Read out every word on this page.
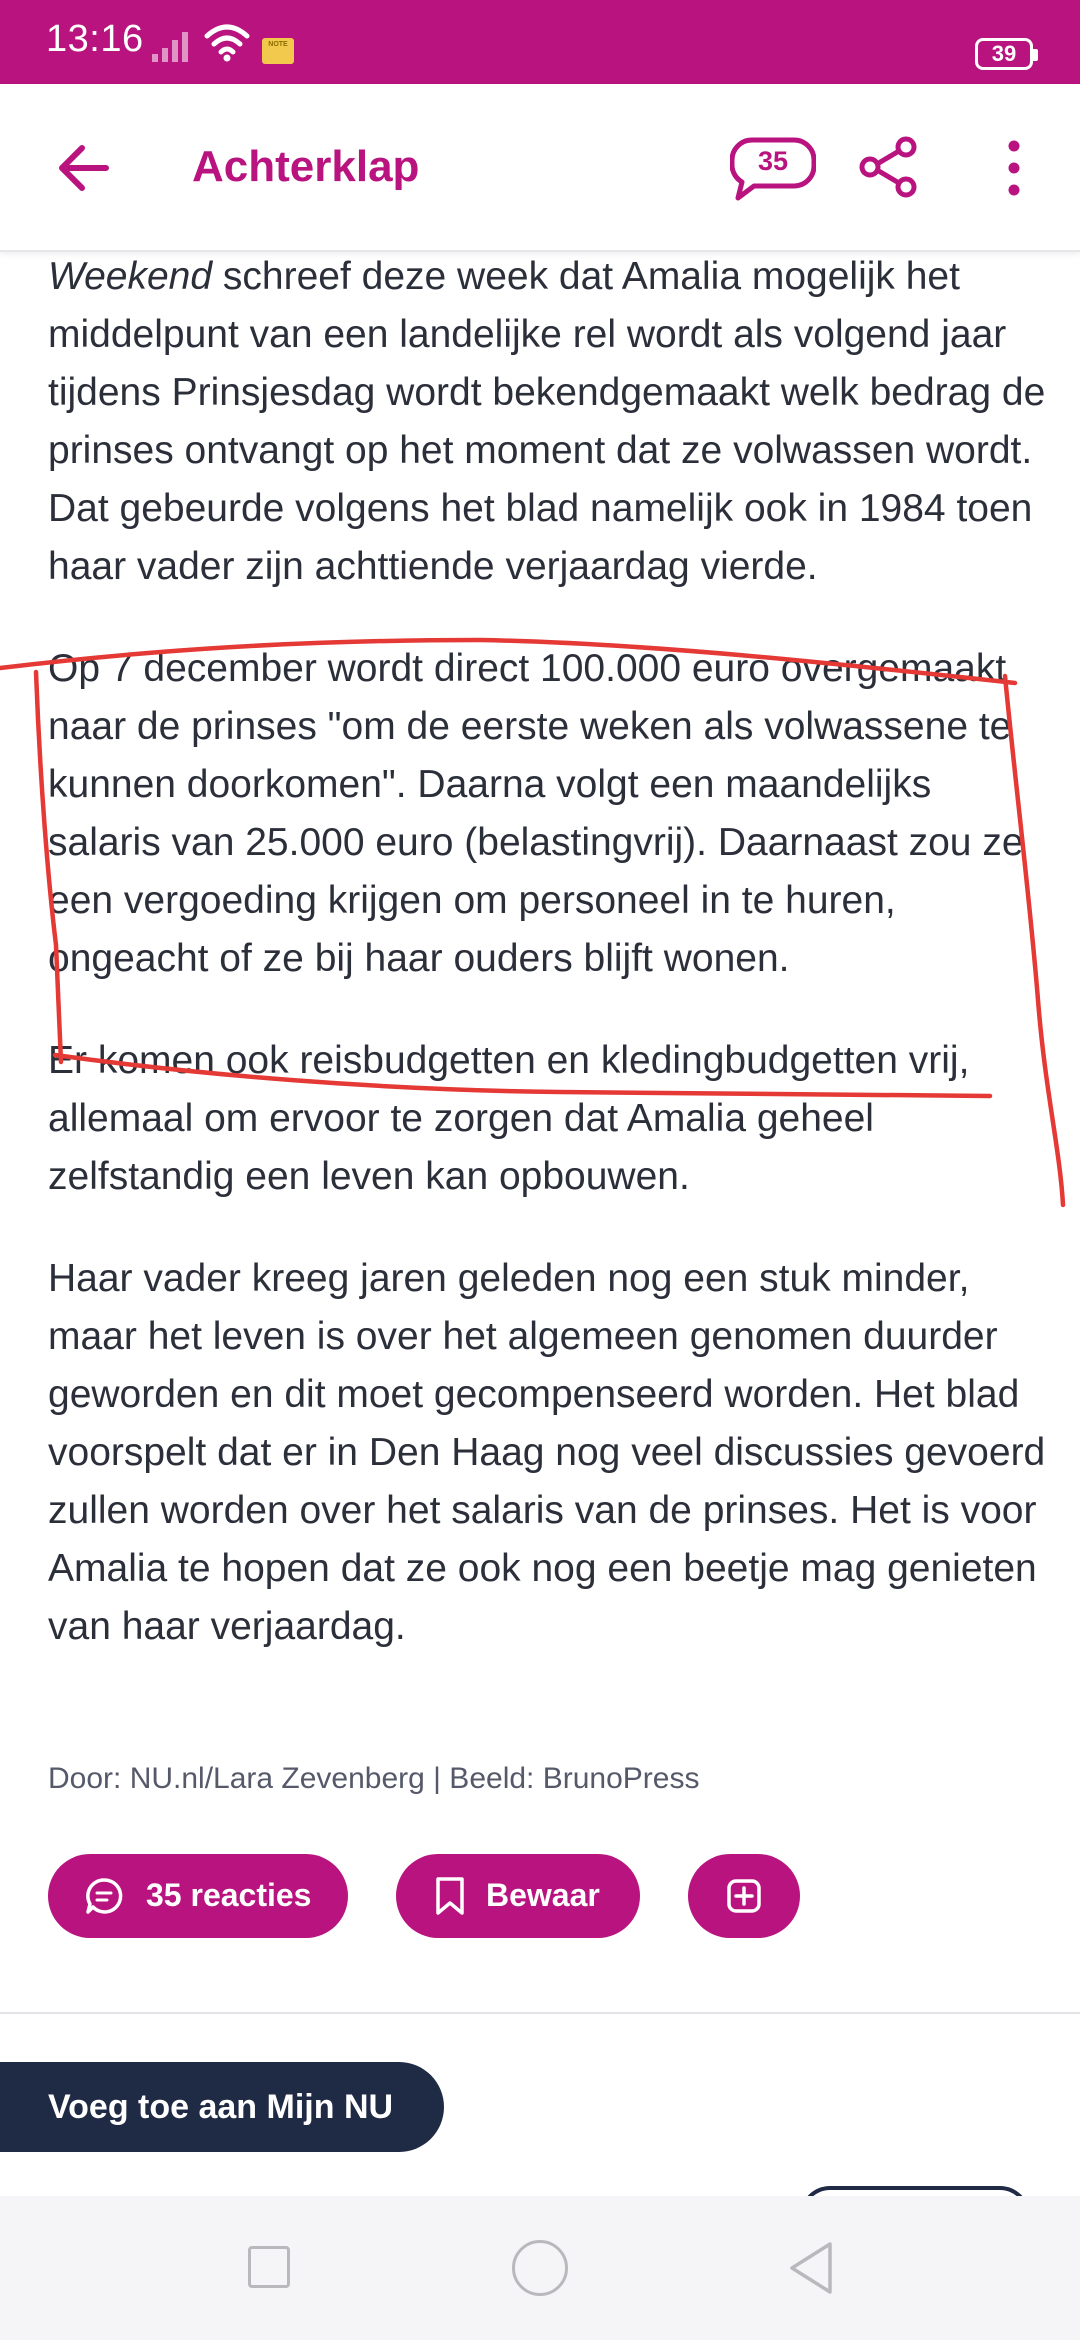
13:16	NOTE	39
Achterklap	35

Weekend schreef deze week dat Amalia mogelijk het middelpunt van een landelijke rel wordt als volgend jaar tijdens Prinsjesdag wordt bekendgemaakt welk bedrag de prinses ontvangt op het moment dat ze volwassen wordt. Dat gebeurde volgens het blad namelijk ook in 1984 toen haar vader zijn achttiende verjaardag vierde.

Op 7 december wordt direct 100.000 euro overgemaakt naar de prinses "om de eerste weken als volwassene te kunnen doorkomen". Daarna volgt een maandelijks salaris van 25.000 euro (belastingvrij). Daarnaast zou ze een vergoeding krijgen om personeel in te huren, ongeacht of ze bij haar ouders blijft wonen.

Er komen ook reisbudgetten en kledingbudgetten vrij, allemaal om ervoor te zorgen dat Amalia geheel zelfstandig een leven kan opbouwen.

Haar vader kreeg jaren geleden nog een stuk minder, maar het leven is over het algemeen genomen duurder geworden en dit moet gecompenseerd worden. Het blad voorspelt dat er in Den Haag nog veel discussies gevoerd zullen worden over het salaris van de prinses. Het is voor Amalia te hopen dat ze ook nog een beetje mag genieten van haar verjaardag.

Door: NU.nl/Lara Zevenberg | Beeld: BrunoPress
35 reacties	Bewaar
Voeg toe aan Mijn NU
